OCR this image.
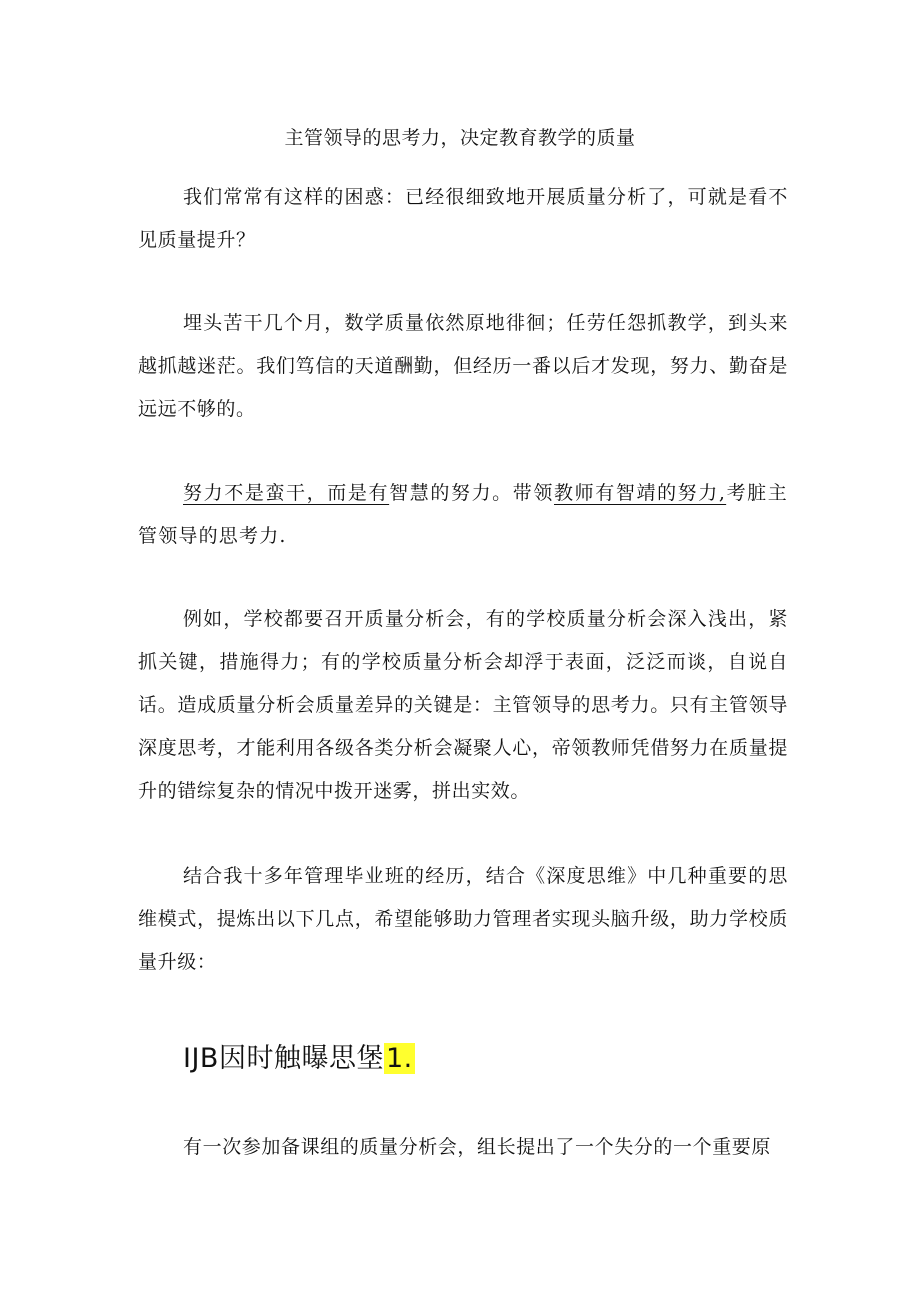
主管领导的思考力，决定教育教学的质量
我们常常有这样的困惑：已经很细致地开展质量分析了，可就是看不见质量提升？
埋头苦干几个月，数学质量依然原地徘徊；任劳任怨抓教学，到头来越抓越迷茫。我们笃信的天道酬勤，但经历一番以后才发现，努力、勤奋是远远不够的。
努力不是蛮干，而是有智慧的努力。带领教师有智靖的努力,考脏主管领导的思考力.
例如，学校都要召开质量分析会，有的学校质量分析会深入浅出，紧抓关键，措施得力；有的学校质量分析会却浮于表面，泛泛而谈，自说自话。造成质量分析会质量差异的关键是：主管领导的思考力。只有主管领导深度思考，才能利用各级各类分析会凝聚人心，帝领教师凭借努力在质量提升的错综复杂的情况中拨开迷雾，拼出实效。
结合我十多年管理毕业班的经历，结合《深度思维》中几种重要的思维模式，提炼出以下几点，希望能够助力管理者实现头脑升级，助力学校质量升级：
IJB因时触曝思堡1.
有一次参加备课组的质量分析会，组长提出了一个失分的一个重要原
